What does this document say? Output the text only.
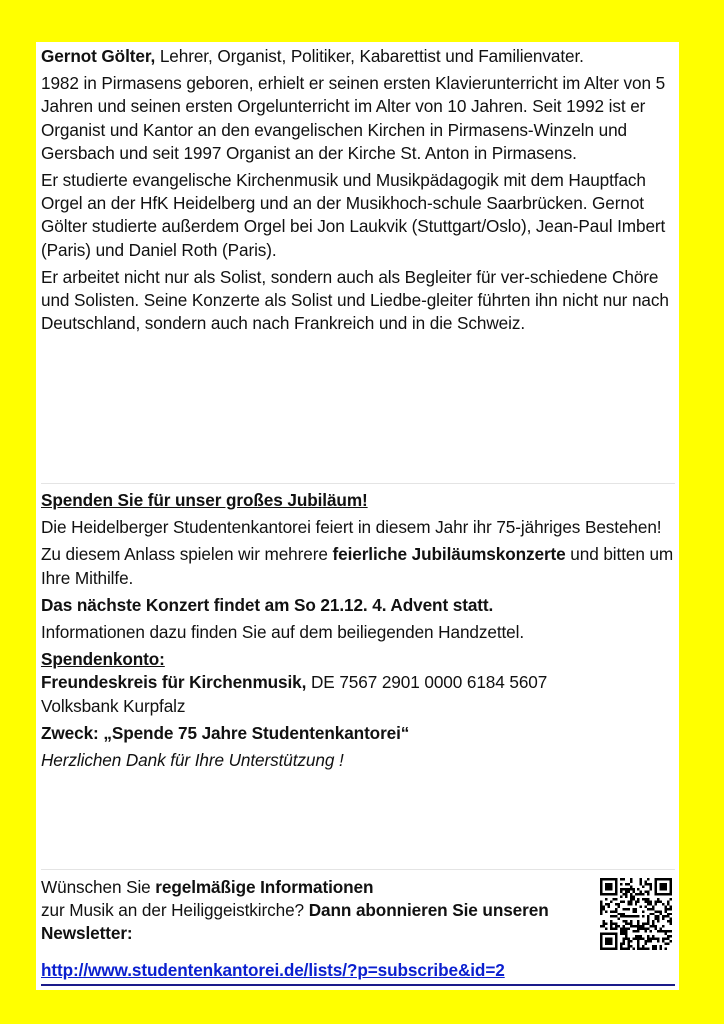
Gernot Gölter, Lehrer, Organist, Politiker, Kabarettist und Familienvater.

1982 in Pirmasens geboren, erhielt er seinen ersten Klavierunterricht im Alter von 5 Jahren und seinen ersten Orgelunterricht im Alter von 10 Jahren. Seit 1992 ist er Organist und Kantor an den evangelischen Kirchen in Pirmasens-Winzeln und Gersbach und seit 1997 Organist an der Kirche St. Anton in Pirmasens.

Er studierte evangelische Kirchenmusik und Musikpädagogik mit dem Hauptfach Orgel an der HfK Heidelberg und an der Musikhoch-schule Saarbrücken. Gernot Gölter studierte außerdem Orgel bei Jon Laukvik (Stuttgart/Oslo), Jean-Paul Imbert (Paris) und Daniel Roth (Paris).

Er arbeitet nicht nur als Solist, sondern auch als Begleiter für ver-schiedene Chöre und Solisten. Seine Konzerte als Solist und Liedbe-gleiter führten ihn nicht nur nach Deutschland, sondern auch nach Frankreich und in die Schweiz.

Spenden Sie für unser großes Jubiläum!

Die Heidelberger Studentenkantorei feiert in diesem Jahr ihr 75-jähriges Bestehen!

Zu diesem Anlass spielen wir mehrere feierliche Jubiläumskonzerte und bitten um Ihre Mithilfe.

Das nächste Konzert findet am So 21.12. 4. Advent statt.

Informationen dazu finden Sie auf dem beiliegenden Handzettel.

Spendenkonto:

Freundeskreis für Kirchenmusik, DE 7567 2901 0000 6184 5607
Volksbank Kurpfalz

Zweck: „Spende 75 Jahre Studentenkantorei“

Herzlichen Dank für Ihre Unterstützung !

Wünschen Sie regelmäßige Informationen
zur Musik an der Heiliggeistkirche? Dann abonnieren Sie unseren Newsletter:
http://www.studentenkantorei.de/lists/?p=subscribe&id=2
